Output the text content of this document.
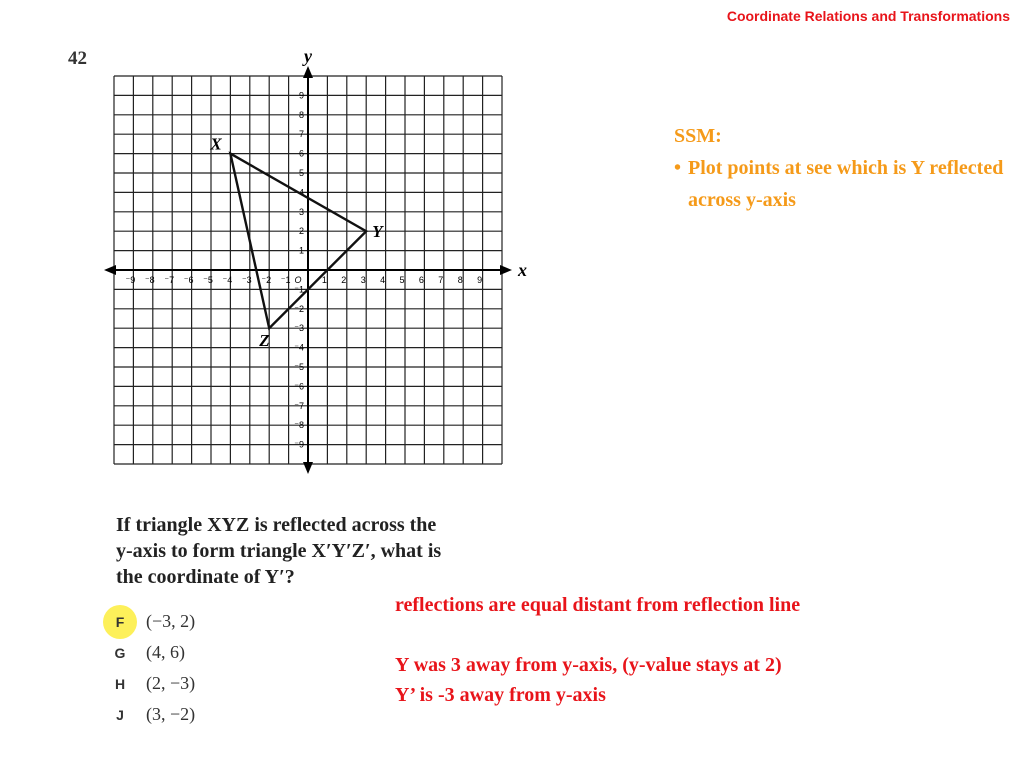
Coordinate Relations and Transformations
42
x
y
⁻9
⁻9
⁻8
⁻8
⁻7
⁻7
⁻6
⁻6
⁻5
⁻5
⁻4
⁻4
⁻3
⁻3
⁻2
⁻2
⁻1
⁻1
1
1
2
2
3
3
4
4
5
5
6
6
7
7
8
8
9
9
O
X
Y
Z
SSM:
• Plot points at see which is Y reflected across y-axis
If triangle XYZ is reflected across the
y-axis to form triangle X′Y′Z′, what is
the coordinate of Y′?
F (−3, 2)
G (4, 6)
H (2, −3)
J (3, −2)
reflections are equal distant from reflection line
Y was 3 away from y-axis, (y-value stays at 2)
Y’ is -3 away from y-axis
